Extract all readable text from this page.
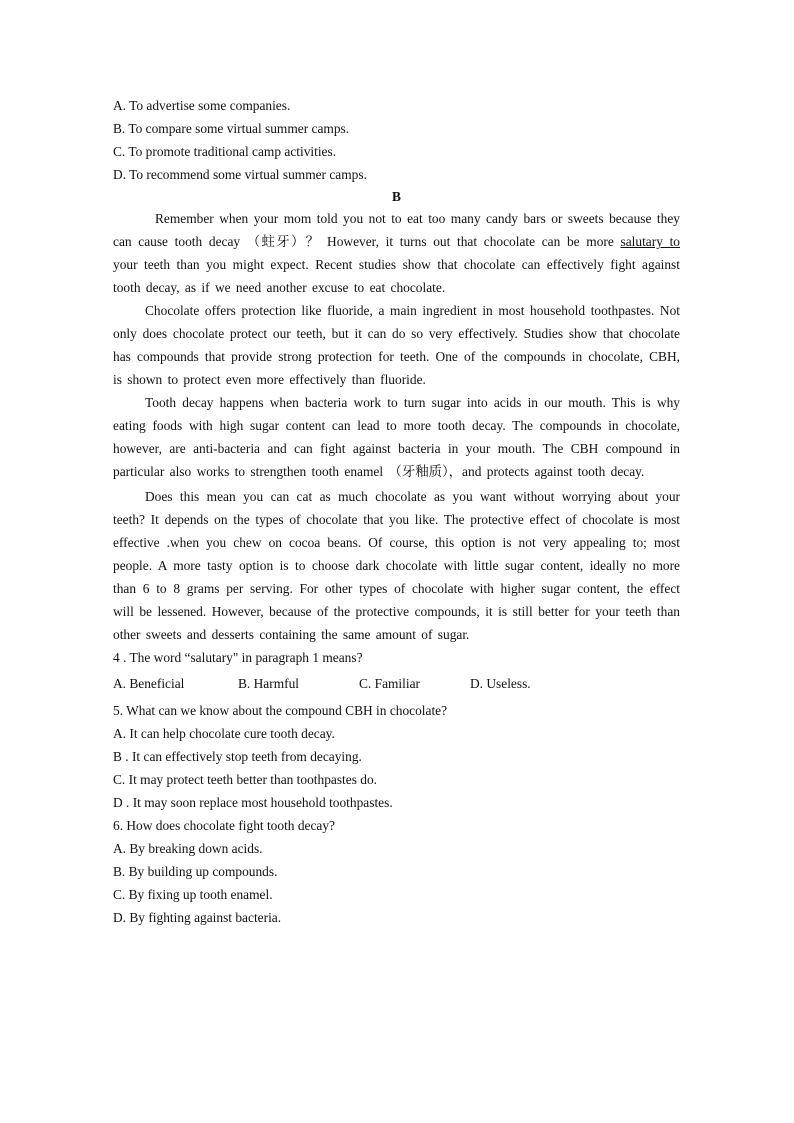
A. To advertise some companies.
B. To compare some virtual summer camps.
C. To promote traditional camp activities.
D. To recommend some virtual summer camps.
B

Remember when your mom told you not to eat too many candy bars or sweets because they can cause tooth decay （蛀牙）？ However, it turns out that chocolate can be more salutary to your teeth than you might expect. Recent studies show that chocolate can effectively fight against tooth decay, as if we need another excuse to eat chocolate.

Chocolate offers protection like fluoride, a main ingredient in most household toothpastes. Not only does chocolate protect our teeth, but it can do so very effectively. Studies show that chocolate has compounds that provide strong protection for teeth. One of the compounds in chocolate, CBH, is shown to protect even more effectively than fluoride.

Tooth decay happens when bacteria work to turn sugar into acids in our mouth. This is why eating foods with high sugar content can lead to more tooth decay. The compounds in chocolate, however, are anti-bacteria and can fight against bacteria in your mouth. The CBH compound in particular also works to strengthen tooth enamel （牙釉质），and protects against tooth decay.

Does this mean you can cat as much chocolate as you want without worrying about your teeth? It depends on the types of chocolate that you like. The protective effect of chocolate is most effective .when you chew on cocoa beans. Of course, this option is not very appealing to; most people. A more tasty option is to choose dark chocolate with little sugar content, ideally no more than 6 to 8 grams per serving. For other types of chocolate with higher sugar content, the effect will be lessened. However, because of the protective compounds, it is still better for your teeth than other sweets and desserts containing the same amount of sugar.

4 . The word “salutary" in paragraph 1 means?
A. Beneficial	B. Harmful	C. Familiar	D. Useless.
5. What can we know about the compound CBH in chocolate?
A. It can help chocolate cure tooth decay.
B . It can effectively stop teeth from decaying.
C. It may protect teeth better than toothpastes do.
D . It may soon replace most household toothpastes.
6. How does chocolate fight tooth decay?
A. By breaking down acids.
B. By building up compounds.
C. By fixing up tooth enamel.
D. By fighting against bacteria.
